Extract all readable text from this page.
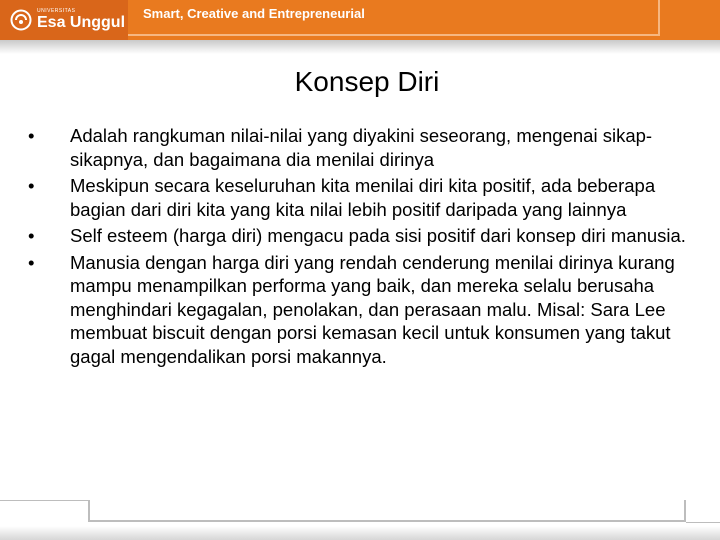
UNIVERSITAS
Esa Unggul
Smart, Creative and Entrepreneurial
Konsep Diri
•	Adalah rangkuman nilai-nilai yang diyakini seseorang, mengenai sikap-sikapnya, dan bagaimana dia menilai dirinya
•	Meskipun secara keseluruhan kita menilai diri kita positif, ada beberapa bagian dari diri kita yang kita nilai lebih positif daripada yang lainnya
•	Self esteem (harga diri) mengacu pada sisi positif dari konsep diri manusia.
•	Manusia dengan harga diri yang rendah cenderung menilai dirinya kurang mampu menampilkan performa yang baik, dan mereka selalu berusaha menghindari kegagalan, penolakan, dan perasaan malu. Misal: Sara Lee membuat biscuit dengan porsi kemasan kecil untuk konsumen yang takut gagal mengendalikan porsi makannya.
